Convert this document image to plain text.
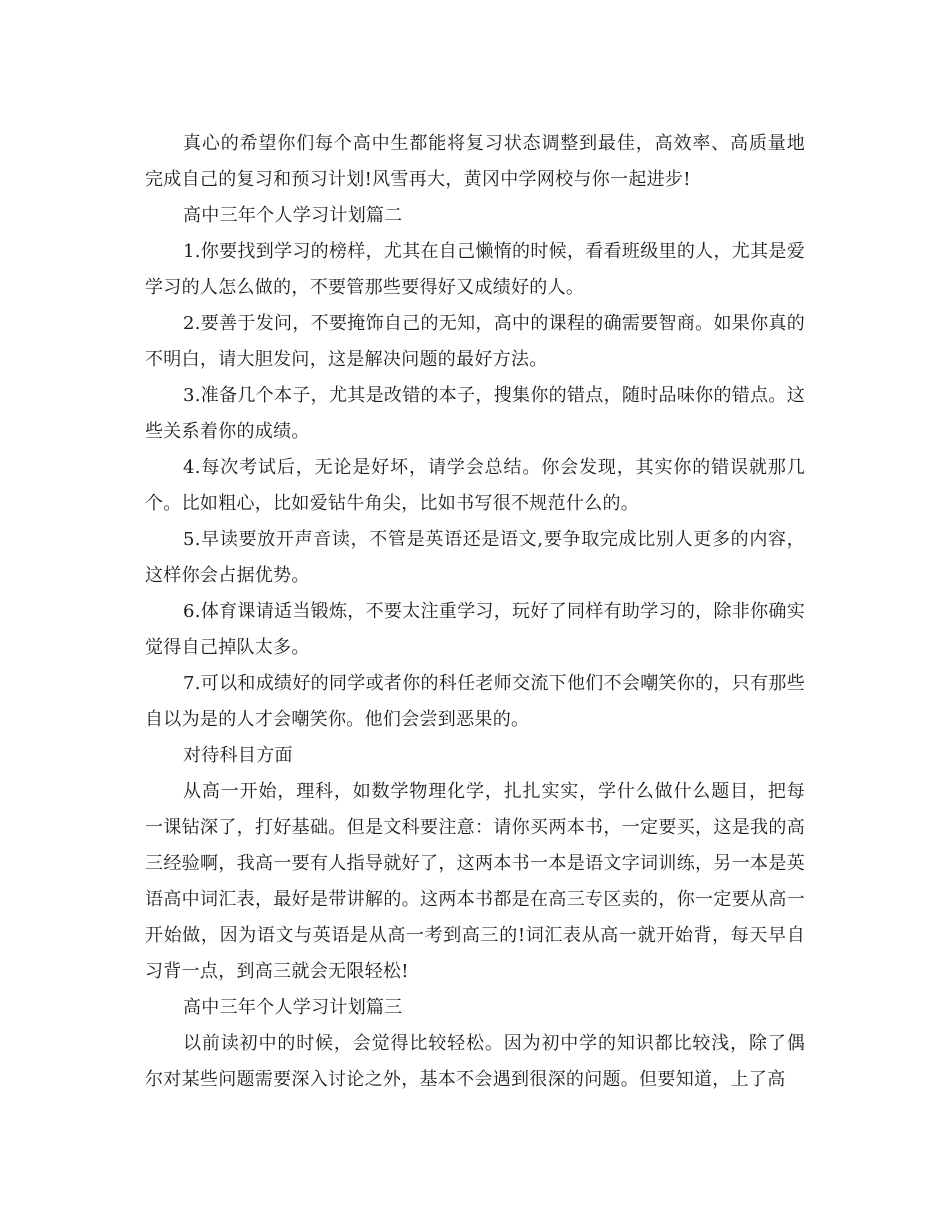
真心的希望你们每个高中生都能将复习状态调整到最佳，高效率、高质量地完成自己的复习和预习计划!风雪再大，黄冈中学网校与你一起进步!

高中三年个人学习计划篇二

1.你要找到学习的榜样，尤其在自己懒惰的时候，看看班级里的人，尤其是爱学习的人怎么做的，不要管那些要得好又成绩好的人。

2.要善于发问，不要掩饰自己的无知，高中的课程的确需要智商。如果你真的不明白，请大胆发问，这是解决问题的最好方法。

3.准备几个本子，尤其是改错的本子，搜集你的错点，随时品味你的错点。这些关系着你的成绩。

4.每次考试后，无论是好坏，请学会总结。你会发现，其实你的错误就那几个。比如粗心，比如爱钻牛角尖，比如书写很不规范什么的。

5.早读要放开声音读，不管是英语还是语文,要争取完成比别人更多的内容，这样你会占据优势。

6.体育课请适当锻炼，不要太注重学习，玩好了同样有助学习的，除非你确实觉得自己掉队太多。

7.可以和成绩好的同学或者你的科任老师交流下他们不会嘲笑你的，只有那些自以为是的人才会嘲笑你。他们会尝到恶果的。

对待科目方面

从高一开始，理科，如数学物理化学，扎扎实实，学什么做什么题目，把每一课钻深了，打好基础。但是文科要注意：请你买两本书，一定要买，这是我的高三经验啊，我高一要有人指导就好了，这两本书一本是语文字词训练，另一本是英语高中词汇表，最好是带讲解的。这两本书都是在高三专区卖的，你一定要从高一开始做，因为语文与英语是从高一考到高三的!词汇表从高一就开始背，每天早自习背一点，到高三就会无限轻松!

高中三年个人学习计划篇三

以前读初中的时候，会觉得比较轻松。因为初中学的知识都比较浅，除了偶尔对某些问题需要深入讨论之外，基本不会遇到很深的问题。但要知道，上了高
